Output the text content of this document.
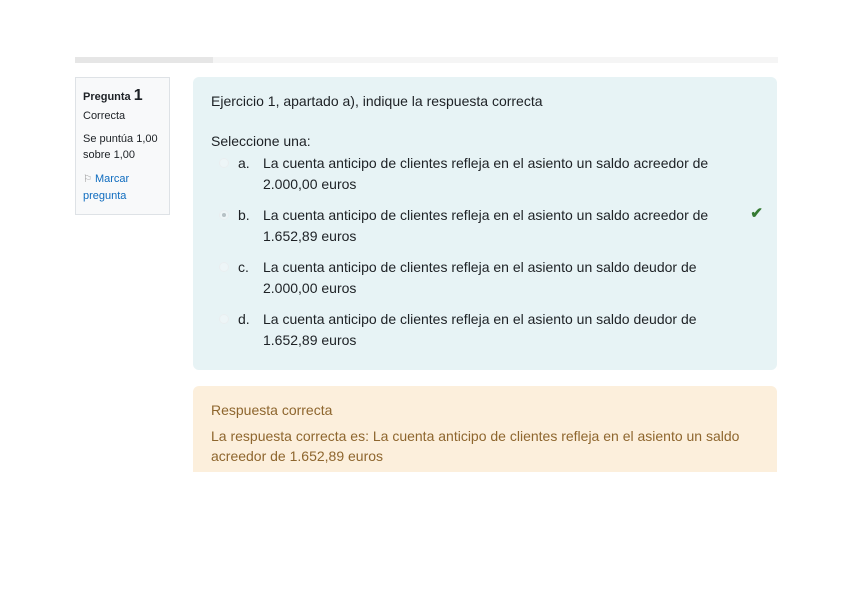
Pregunta 1
Correcta
Se puntúa 1,00 sobre 1,00
⚐ Marcar pregunta
Ejercicio 1, apartado a), indique la respuesta correcta
Seleccione una:
a. La cuenta anticipo de clientes refleja en el asiento un saldo acreedor de 2.000,00 euros
b. La cuenta anticipo de clientes refleja en el asiento un saldo acreedor de 1.652,89 euros
✔
c. La cuenta anticipo de clientes refleja en el asiento un saldo deudor de 2.000,00 euros
d. La cuenta anticipo de clientes refleja en el asiento un saldo deudor de 1.652,89 euros
Respuesta correcta
La respuesta correcta es: La cuenta anticipo de clientes refleja en el asiento un saldo acreedor de 1.652,89 euros
